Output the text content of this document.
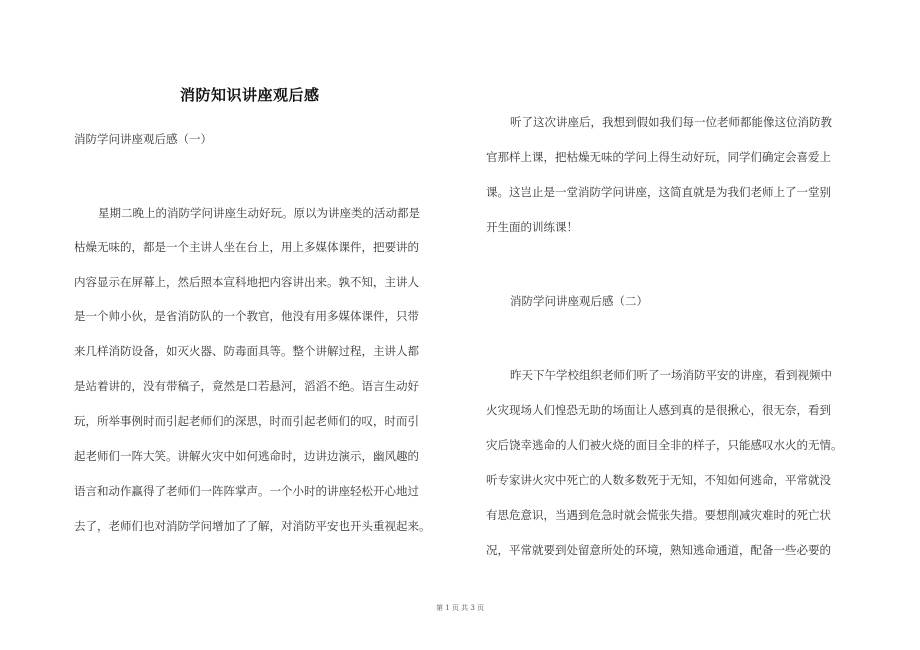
消防知识讲座观后感
消防学问讲座观后感（一）
星期二晚上的消防学问讲座生动好玩。原以为讲座类的活动都是
枯燥无味的，都是一个主讲人坐在台上，用上多媒体课件，把要讲的
内容显示在屏幕上，然后照本宣科地把内容讲出来。孰不知，主讲人
是一个帅小伙，是省消防队的一个教官，他没有用多媒体课件，只带
来几样消防设备，如灭火器、防毒面具等。整个讲解过程，主讲人都
是站着讲的，没有带稿子，竟然是口若悬河，滔滔不绝。语言生动好
玩，所举事例时而引起老师们的深思，时而引起老师们的叹，时而引
起老师们一阵大笑。讲解火灾中如何逃命时，边讲边演示，幽风趣的
语言和动作赢得了老师们一阵阵掌声。一个小时的讲座轻松开心地过
去了，老师们也对消防学问增加了了解，对消防平安也开头重视起来。
听了这次讲座后，我想到假如我们每一位老师都能像这位消防教
官那样上课，把枯燥无味的学问上得生动好玩，同学们确定会喜爱上
课。这岂止是一堂消防学问讲座，这简直就是为我们老师上了一堂别
开生面的训练课！
消防学问讲座观后感（二）
昨天下午学校组织老师们听了一场消防平安的讲座，看到视频中
火灾现场人们惶恐无助的场面让人感到真的是很揪心，很无奈，看到
灾后饶幸逃命的人们被火烧的面目全非的样子，只能感叹水火的无情。
听专家讲火灾中死亡的人数多数死于无知，不知如何逃命，平常就没
有思危意识，当遇到危急时就会慌张失措。要想削减灾难时的死亡状
况，平常就要到处留意所处的环境，熟知逃命通道，配备一些必要的
第 1 页 共 3 页
